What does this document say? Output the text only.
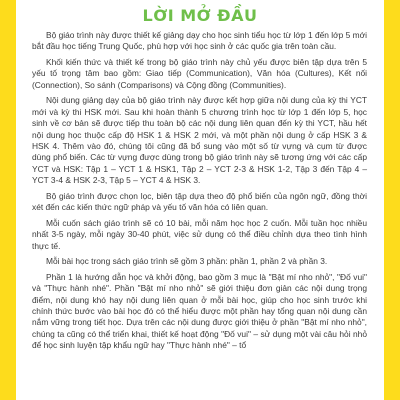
LỜI MỞ ĐẦU

Bộ giáo trình này được thiết kế giảng dạy cho học sinh tiểu học từ lớp 1 đến lớp 5 mới bắt đầu học tiếng Trung Quốc, phù hợp với học sinh ở các quốc gia trên toàn cầu.

Khối kiến thức và thiết kế trong bộ giáo trình này chủ yếu được biên tập dựa trên 5 yếu tố trọng tâm bao gồm: Giao tiếp (Communication), Văn hóa (Cultures), Kết nối (Connection), So sánh (Comparisons) và Cộng đồng (Communities).

Nội dung giảng dạy của bộ giáo trình này được kết hợp giữa nội dung của kỳ thi YCT mới và kỳ thi HSK mới. Sau khi hoàn thành 5 chương trình học từ lớp 1 đến lớp 5, học sinh về cơ bản sẽ được tiếp thu toàn bộ các nội dung liên quan đến kỳ thi YCT, hầu hết nội dung học thuộc cấp độ HSK 1 & HSK 2 mới, và một phần nội dung ở cấp HSK 3 & HSK 4. Thêm vào đó, chúng tôi cũng đã bổ sung vào một số từ vựng và cụm từ được dùng phổ biến. Các từ vựng được dùng trong bộ giáo trình này sẽ tương ứng với các cấp YCT và HSK: Tập 1 – YCT 1 & HSK1, Tập 2 – YCT 2-3 & HSK 1-2, Tập 3 đến Tập 4 – YCT 3-4 & HSK 2-3, Tập 5 – YCT 4 & HSK 3.

Bộ giáo trình được chọn lọc, biên tập dựa theo độ phổ biến của ngôn ngữ, đồng thời xét đến các kiến thức ngữ pháp và yếu tố văn hóa có liên quan.

Mỗi cuốn sách giáo trình sẽ có 10 bài, mỗi năm học học 2 cuốn. Mỗi tuần học nhiều nhất 3-5 ngày, mỗi ngày 30-40 phút, việc sử dụng có thể điều chỉnh dựa theo tình hình thực tế.

Mỗi bài học trong sách giáo trình sẽ gồm 3 phần: phần 1, phần 2 và phần 3.

Phần 1 là hướng dẫn học và khởi động, bao gồm 3 mục là "Bật mí nho nhỏ", "Đố vui" và "Thực hành nhé". Phần "Bật mí nho nhỏ" sẽ giới thiệu đơn giản các nội dung trọng điểm, nội dung khó hay nội dung liên quan ở mỗi bài học, giúp cho học sinh trước khi chính thức bước vào bài học đó có thể hiểu được một phần hay tổng quan nội dung cần nắm vững trong tiết học. Dựa trên các nội dung được giới thiệu ở phần "Bật mí nho nhỏ", chúng ta cũng có thể triển khai, thiết kế hoạt động "Đố vui" – sử dụng một vài câu hỏi nhỏ để học sinh luyện tập khẩu ngữ hay "Thực hành nhé" – tổ
